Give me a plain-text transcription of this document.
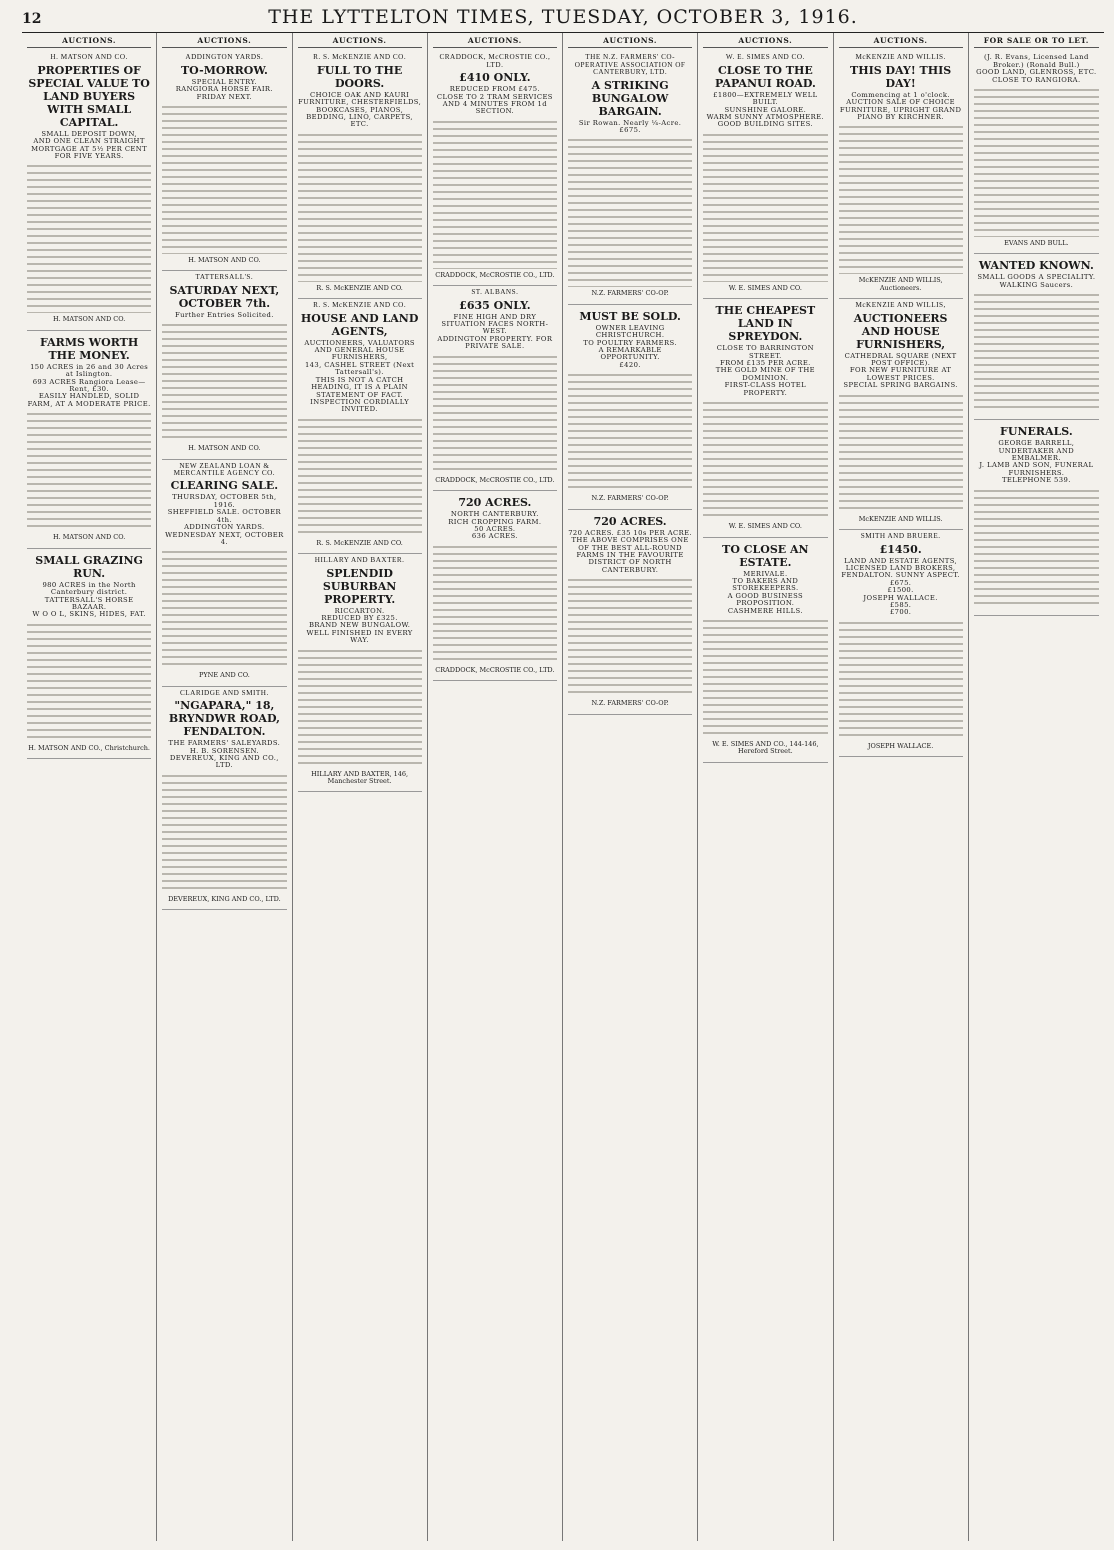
12	THE LYTTELTON TIMES, TUESDAY, OCTOBER 3, 1916.
AUCTIONS.
H. MATSON AND CO.
PROPERTIES OF SPECIAL VALUE TO LAND BUYERS WITH SMALL CAPITAL.
SMALL DEPOSIT DOWN,
AND ONE CLEAN STRAIGHT MORTGAGE AT 5½ PER CENT FOR FIVE YEARS.
H. MATSON AND CO.
FARMS WORTH THE MONEY.
150 ACRES in 26 and 30 Acres at Islington.
693 ACRES Rangiora Lease—Rent, £30.
EASILY HANDLED, SOLID FARM, AT A MODERATE PRICE.
H. MATSON AND CO.
SMALL GRAZING RUN.
980 ACRES in the North Canterbury district.
TATTERSALL'S HORSE BAZAAR.
W O O L, SKINS, HIDES, FAT.
H. MATSON AND CO., Christchurch.
AUCTIONS.
ADDINGTON YARDS.
TO-MORROW.
SPECIAL ENTRY.
RANGIORA HORSE FAIR. FRIDAY NEXT.
H. MATSON AND CO.
TATTERSALL'S.
SATURDAY NEXT, OCTOBER 7th.
Further Entries Solicited.
H. MATSON AND CO.
NEW ZEALAND LOAN & MERCANTILE AGENCY CO.
CLEARING SALE.
THURSDAY, OCTOBER 5th, 1916.
SHEFFIELD SALE. OCTOBER 4th.
ADDINGTON YARDS. WEDNESDAY NEXT, OCTOBER 4.
PYNE AND CO.
CLARIDGE AND SMITH.
"NGAPARA," 18, BRYNDWR ROAD, FENDALTON.
THE FARMERS' SALEYARDS.
H. B. SORENSEN.
DEVEREUX, KING AND CO., LTD.
DEVEREUX, KING AND CO., LTD.
AUCTIONS.
R. S. McKENZIE AND CO.
FULL TO THE DOORS.
CHOICE OAK AND KAURI FURNITURE, CHESTERFIELDS, BOOKCASES, PIANOS, BEDDING, LINO, CARPETS, ETC.
R. S. McKENZIE AND CO.
R. S. McKENZIE AND CO.
HOUSE AND LAND AGENTS,
AUCTIONEERS, VALUATORS AND GENERAL HOUSE FURNISHERS,
143, CASHEL STREET (Next Tattersall's).
THIS IS NOT A CATCH HEADING, IT IS A PLAIN STATEMENT OF FACT.
INSPECTION CORDIALLY INVITED.
R. S. McKENZIE AND CO.
HILLARY AND BAXTER.
SPLENDID SUBURBAN PROPERTY.
RICCARTON.
REDUCED BY £325.
BRAND NEW BUNGALOW.
WELL FINISHED IN EVERY WAY.
HILLARY AND BAXTER, 146, Manchester Street.
AUCTIONS.
CRADDOCK, McCROSTIE CO., LTD.
£410 ONLY.
REDUCED FROM £475.
CLOSE TO 2 TRAM SERVICES AND 4 MINUTES FROM 1d SECTION.
CRADDOCK, McCROSTIE CO., LTD.
ST. ALBANS.
£635 ONLY.
FINE HIGH AND DRY SITUATION FACES NORTH-WEST.
ADDINGTON PROPERTY. FOR PRIVATE SALE.
CRADDOCK, McCROSTIE CO., LTD.
720 ACRES.
NORTH CANTERBURY.
RICH CROPPING FARM.
50 ACRES.
636 ACRES.
CRADDOCK, McCROSTIE CO., LTD.
AUCTIONS.
THE N.Z. FARMERS' CO-OPERATIVE ASSOCIATION OF CANTERBURY, LTD.
A STRIKING BUNGALOW BARGAIN.
Sir Rowan. Nearly ¼-Acre.
£675.
N.Z. FARMERS' CO-OP.
MUST BE SOLD.
OWNER LEAVING CHRISTCHURCH.
TO POULTRY FARMERS.
A REMARKABLE OPPORTUNITY.
£420.
N.Z. FARMERS' CO-OP.
720 ACRES.
720 ACRES. £35 10s PER ACRE.
THE ABOVE COMPRISES ONE OF THE BEST ALL-ROUND FARMS IN THE FAVOURITE DISTRICT OF NORTH CANTERBURY.
N.Z. FARMERS' CO-OP.
AUCTIONS.
W. E. SIMES AND CO.
CLOSE TO THE PAPANUI ROAD.
£1800—EXTREMELY WELL BUILT.
SUNSHINE GALORE.
WARM SUNNY ATMOSPHERE.
GOOD BUILDING SITES.
W. E. SIMES AND CO.
THE CHEAPEST LAND IN SPREYDON.
CLOSE TO BARRINGTON STREET.
FROM £135 PER ACRE.
THE GOLD MINE OF THE DOMINION.
FIRST-CLASS HOTEL PROPERTY.
W. E. SIMES AND CO.
TO CLOSE AN ESTATE.
MERIVALE.
TO BAKERS AND STOREKEEPERS.
A GOOD BUSINESS PROPOSITION.
CASHMERE HILLS.
W. E. SIMES AND CO., 144-146, Hereford Street.
AUCTIONS.
McKENZIE AND WILLIS.
THIS DAY! THIS DAY!
Commencing at 1 o'clock.
AUCTION SALE OF CHOICE FURNITURE, UPRIGHT GRAND PIANO BY KIRCHNER.
McKENZIE AND WILLIS, Auctioneers.
McKENZIE AND WILLIS,
AUCTIONEERS AND HOUSE FURNISHERS,
CATHEDRAL SQUARE (NEXT POST OFFICE).
FOR NEW FURNITURE AT LOWEST PRICES.
SPECIAL SPRING BARGAINS.
McKENZIE AND WILLIS.
SMITH AND BRUERE.
£1450.
LAND AND ESTATE AGENTS, LICENSED LAND BROKERS,
FENDALTON. SUNNY ASPECT.
£675.
£1500.
JOSEPH WALLACE.
£585.
£700.
JOSEPH WALLACE.
FOR SALE OR TO LET.
(J. R. Evans, Licensed Land Broker.) (Ronald Bull.)
GOOD LAND, GLENROSS, ETC.
CLOSE TO RANGIORA.
EVANS AND BULL.
WANTED KNOWN.
SMALL GOODS A SPECIALITY.
WALKING Saucers.
FUNERALS.
GEORGE BARRELL, UNDERTAKER AND EMBALMER.
J. LAMB AND SON, FUNERAL FURNISHERS.
TELEPHONE 539.
